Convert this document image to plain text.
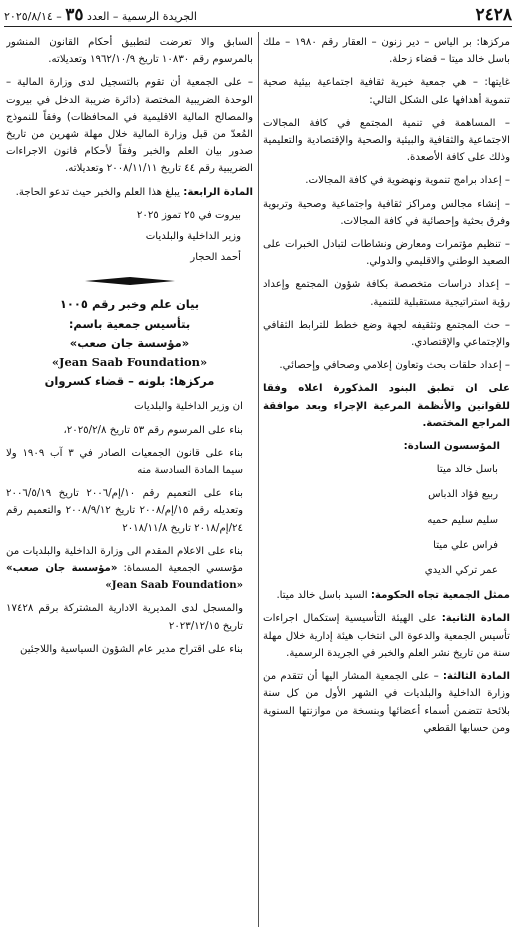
٢٤٢٨
الجريدة الرسمية – العدد ٣٥ – ٢٠٢٥/٨/١٤

مركزها: بر الياس – دير زنون – العقار رقم ١٩٨٠ – ملك باسل خالد ميتا – قضاء زحلة.

غايتها: – هي جمعية خيرية ثقافية اجتماعية بيئية صحية تنموية أهدافها على الشكل التالي:

– المساهمة في تنمية المجتمع في كافة المجالات الاجتماعية والثقافية والبيئية والصحية والإقتصادية والتعليمية وذلك على كافة الأصعدة.

– إعداد برامج تنموية ونهضوية في كافة المجالات.

– إنشاء مجالس ومراكز ثقافية واجتماعية وصحية وتربوية وفرق بحثية وإحصائية في كافة المجالات.

– تنظيم مؤتمرات ومعارض ونشاطات لتبادل الخبرات على الصعيد الوطني والاقليمي والدولي.

– إعداد دراسات متخصصة بكافة شؤون المجتمع وإعداد رؤية استراتيجية مستقبلية للتنمية.

– حث المجتمع وتثقيفه لجهة وضع خطط للترابط الثقافي والإجتماعي والإقتصادي.

– إعداد حلقات بحث وتعاون إعلامي وصحافي وإحصائي.

على ان تطبق البنود المذكورة اعلاه وفقا للقوانين والأنظمة المرعية الإجراء وبعد موافقة المراجع المختصة.

المؤسسون السادة:

باسل خالد ميتا

ربيع فؤاد الدباس

سليم سليم حميه

فراس علي ميتا

عمر تركي الديدي

ممثل الجمعية تجاه الحكومة: السيد باسل خالد ميتا.

المادة الثانية: على الهيئة التأسيسية إستكمال اجراءات تأسيس الجمعية والدعوة الى انتخاب هيئة إدارية خلال مهلة سنة من تاريخ نشر العلم والخبر في الجريدة الرسمية.

المادة الثالثة: – على الجمعية المشار اليها أن تتقدم من وزارة الداخلية والبلديات في الشهر الأول من كل سنة بلائحة تتضمن أسماء أعضائها وبنسخة من موازنتها السنوية ومن حسابها القطعي

السابق والا تعرضت لتطبيق أحكام القانون المنشور بالمرسوم رقم ١٠٨٣٠ تاريخ ١٩٦٢/١٠/٩ وتعديلاته.

– على الجمعية أن تقوم بالتسجيل لدى وزارة المالية – الوحدة الضريبية المختصة (دائرة ضريبة الدخل في بيروت والمصالح المالية الاقليمية في المحافظات) وفقاً للنموذج المُعدّ من قبل وزارة المالية خلال مهلة شهرين من تاريخ صدور بيان العلم والخبر وفقاً لأحكام قانون الاجراءات الضريبية رقم ٤٤ تاريخ ٢٠٠٨/١١/١١ وتعديلاته.

المادة الرابعة: يبلغ هذا العلم والخبر حيث تدعو الحاجة.

بيروت في ٢٥ تموز ٢٠٢٥

وزير الداخلية والبلديات

أحمد الحجار

بيان علم وخبر رقم ١٠٠٥

بتأسيس جمعية باسم:

«مؤسسة جان صعب»

«Jean Saab Foundation»

مركزها: بلونه – قضاء كسروان

ان وزير الداخلية والبلديات

بناء على المرسوم رقم ٥٣ تاريخ ٢٠٢٥/٢/٨،

بناء على قانون الجمعيات الصادر في ٣ آب ١٩٠٩ ولا سيما المادة السادسة منه

بناء على التعميم رقم ١٠/إم/٢٠٠٦ تاريخ ٢٠٠٦/٥/١٩ وتعديله رقم ١٥/إم/٢٠٠٨ تاريخ ٢٠٠٨/٩/١٢ والتعميم رقم ٢٤/إم/٢٠١٨ تاريخ ٢٠١٨/١١/٨

بناء على الاعلام المقدم الى وزارة الداخلية والبلديات من مؤسسي الجمعية المسماة: «مؤسسة جان صعب» «Jean Saab Foundation»

والمسجل لدى المديرية الادارية المشتركة برقم ١٧٤٢٨ تاريخ ٢٠٢٣/١٢/١٥

بناء على اقتراح مدير عام الشؤون السياسية واللاجئين
